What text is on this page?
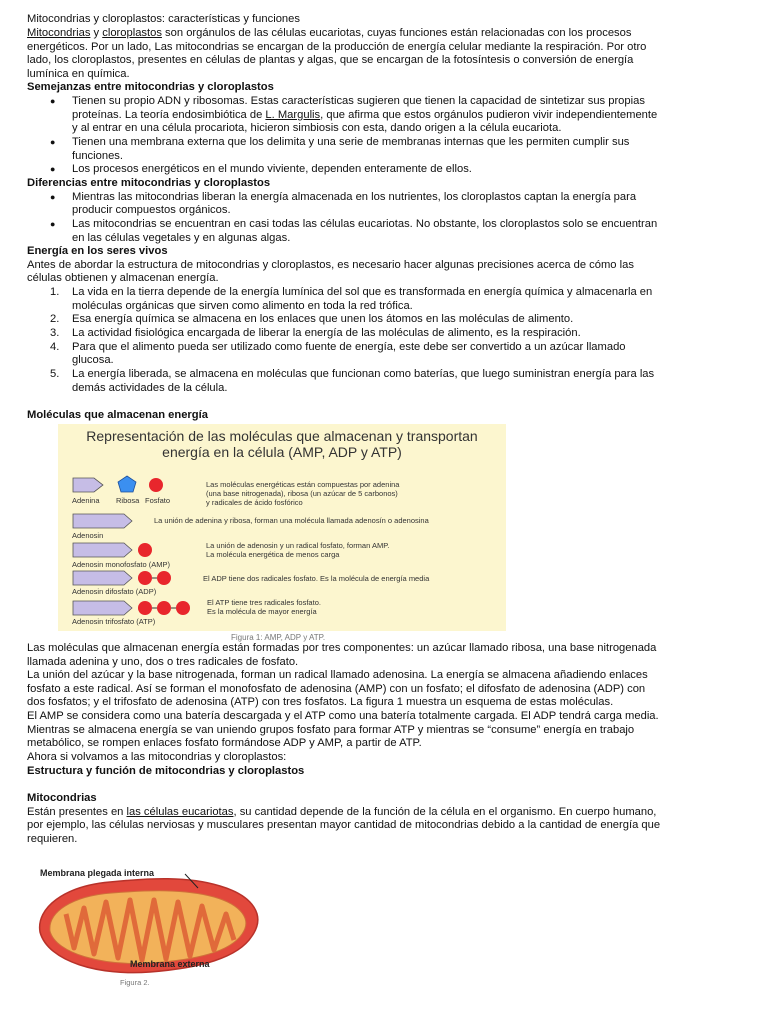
Mitocondrias y cloroplastos: características y funciones
Mitocondrias y cloroplastos son orgánulos de las células eucariotas, cuyas funciones están relacionadas con los procesos
energéticos. Por un lado, Las mitocondrias se encargan de la producción de energía celular mediante la respiración. Por otro
lado, los cloroplastos, presentes en células de plantas y algas, que se encargan de la fotosíntesis o conversión de energía
lumínica en química.
Semejanzas entre mitocondrias y cloroplastos
● Tienen su propio ADN y ribosomas. Estas características sugieren que tienen la capacidad de sintetizar sus propias
proteínas. La teoría endosimbiótica de L. Margulis, que afirma que estos orgánulos pudieron vivir independientemente
y al entrar en una célula procariota, hicieron simbiosis con esta, dando origen a la célula eucariota.
● Tienen una membrana externa que los delimita y una serie de membranas internas que les permiten cumplir sus
funciones.
● Los procesos energéticos en el mundo viviente, dependen enteramente de ellos.
Diferencias entre mitocondrias y cloroplastos
● Mientras las mitocondrias liberan la energía almacenada en los nutrientes, los cloroplastos captan la energía para
producir compuestos orgánicos.
● Las mitocondrias se encuentran en casi todas las células eucariotas. No obstante, los cloroplastos solo se encuentran
en las células vegetales y en algunas algas.
Energía en los seres vivos
Antes de abordar la estructura de mitocondrias y cloroplastos, es necesario hacer algunas precisiones acerca de cómo las
células obtienen y almacenan energía.
1. La vida en la tierra depende de la energía lumínica del sol que es transformada en energía química y almacenarla en
moléculas orgánicas que sirven como alimento en toda la red trófica.
2. Esa energía química se almacena en los enlaces que unen los átomos en las moléculas de alimento.
3. La actividad fisiológica encargada de liberar la energía de las moléculas de alimento, es la respiración.
4. Para que el alimento pueda ser utilizado como fuente de energía, este debe ser convertido a un azúcar llamado
glucosa.
5. La energía liberada, se almacena en moléculas que funcionan como baterías, que luego suministran energía para las
demás actividades de la célula.
Moléculas que almacenan energía
Representación de las moléculas que almacenan y transportan
energía en la célula (AMP, ADP y ATP)
Adenina Ribosa Fosfato
Las moléculas energéticas están compuestas por adenina
(una base nitrogenada), ribosa (un azúcar de 5 carbonos)
y radicales de ácido fosfórico
Adenosin
La unión de adenina y ribosa, forman una molécula llamada adenosín o adenosina
Adenosin monofosfato (AMP)
La unión de adenosin y un radical fosfato, forman AMP.
La molécula energética de menos carga
Adenosin difosfato (ADP)
El ADP tiene dos radicales fosfato. Es la molécula de energía media
Adenosin trifosfato (ATP)
El ATP tiene tres radicales fosfato.
Es la molécula de mayor energía
Figura 1: AMP, ADP y ATP.
Las moléculas que almacenan energía están formadas por tres componentes: un azúcar llamado ribosa, una base nitrogenada
llamada adenina y uno, dos o tres radicales de fosfato.
La unión del azúcar y la base nitrogenada, forman un radical llamado adenosina. La energía se almacena añadiendo enlaces
fosfato a este radical. Así se forman el monofosfato de adenosina (AMP) con un fosfato; el difosfato de adenosina (ADP) con
dos fosfatos; y el trifosfato de adenosina (ATP) con tres fosfatos. La figura 1 muestra un esquema de estas moléculas.
El AMP se considera como una batería descargada y el ATP como una batería totalmente cargada. El ADP tendrá carga media.
Mientras se almacena energía se van uniendo grupos fosfato para formar ATP y mientras se “consume” energía en trabajo
metabólico, se rompen enlaces fosfato formándose ADP y AMP, a partir de ATP.
Ahora si volvamos a las mitocondrias y cloroplastos:
Estructura y función de mitocondrias y cloroplastos
Mitocondrias
Están presentes en las células eucariotas, su cantidad depende de la función de la célula en el organismo. En cuerpo humano,
por ejemplo, las células nerviosas y musculares presentan mayor cantidad de mitocondrias debido a la cantidad de energía que
requieren.
Membrana plegada interna
Membrana externa
Figura 2.
